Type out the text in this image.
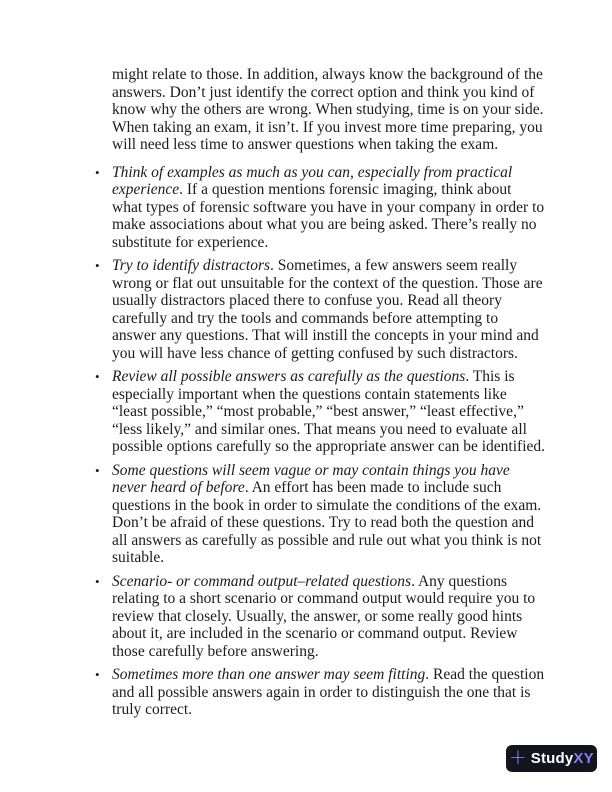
might relate to those. In addition, always know the background of the answers. Don’t just identify the correct option and think you kind of know why the others are wrong. When studying, time is on your side. When taking an exam, it isn’t. If you invest more time preparing, you will need less time to answer questions when taking the exam.

• Think of examples as much as you can, especially from practical experience. If a question mentions forensic imaging, think about what types of forensic software you have in your company in order to make associations about what you are being asked. There’s really no substitute for experience.
• Try to identify distractors. Sometimes, a few answers seem really wrong or flat out unsuitable for the context of the question. Those are usually distractors placed there to confuse you. Read all theory carefully and try the tools and commands before attempting to answer any questions. That will instill the concepts in your mind and you will have less chance of getting confused by such distractors.
• Review all possible answers as carefully as the questions. This is especially important when the questions contain statements like “least possible,” “most probable,” “best answer,” “least effective,” “less likely,” and similar ones. That means you need to evaluate all possible options carefully so the appropriate answer can be identified.
• Some questions will seem vague or may contain things you have never heard of before. An effort has been made to include such questions in the book in order to simulate the conditions of the exam. Don’t be afraid of these questions. Try to read both the question and all answers as carefully as possible and rule out what you think is not suitable.
• Scenario- or command output–related questions. Any questions relating to a short scenario or command output would require you to review that closely. Usually, the answer, or some really good hints about it, are included in the scenario or command output. Review those carefully before answering.
• Sometimes more than one answer may seem fitting. Read the question and all possible answers again in order to distinguish the one that is truly correct.
+ StudyXY
